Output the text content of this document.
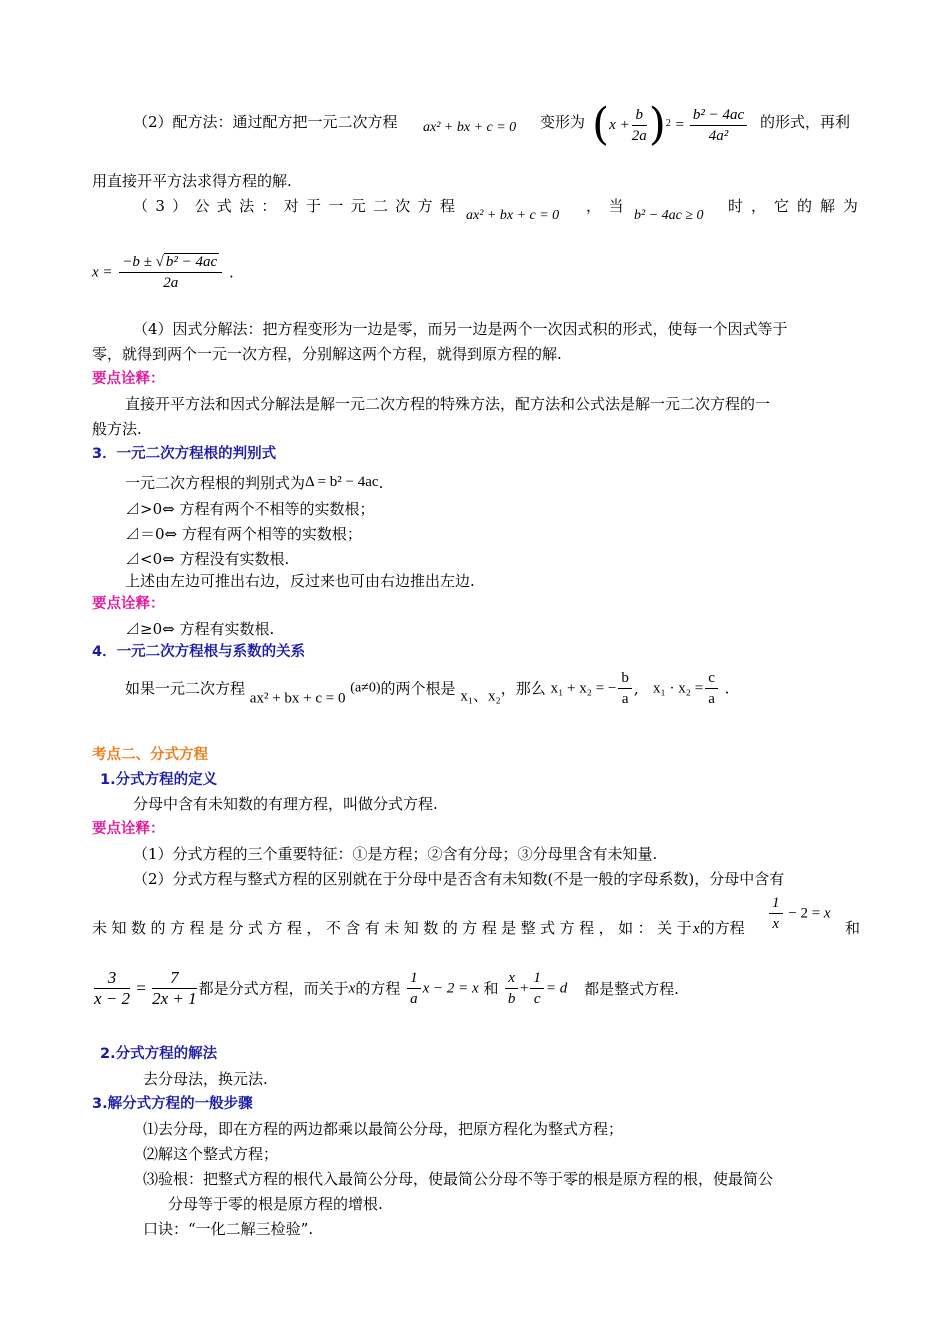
（2）配方法：通过配方把一元二次方程 ax² + bx + c = 0 变形为 $(x + \frac{b}{2a} )^2 = \frac{\text{b² − 4ac}}{\text{4a²}}$ 的形式，再利
用直接开平方法求得方程的解.
（ 3 ） 公 式 法 ： 对 于 一 元 二 次 方 程
ax² + bx + c = 0
，　当
b² − 4ac ≥ 0
时 ， 它 的 解 为
$x = \frac{\text{−b ± √ b² − 4ac}}{2a}$ .
（4）因式分解法：把方程变形为一边是零，而另一边是两个一次因式积的形式，使每一个因式等于
零，就得到两个一元一次方程，分别解这两个方程，就得到原方程的解.
要点诠释：
直接开平方法和因式分解法是解一元二次方程的特殊方法，配方法和公式法是解一元二次方程的一
般方法.
3．一元二次方程根的判别式
一元二次方程根的判别式为Δ = b² − 4ac.
⊿>0⇔ 方程有两个不相等的实数根；
⊿＝0⇔ 方程有两个相等的实数根；
⊿<0⇔ 方程没有实数根.
上述由左边可推出右边，反过来也可由右边推出左边.
要点诠释：
⊿≥0⇔ 方程有实数根.
4．一元二次方程根与系数的关系
如果一元二次方程 ax² + bx + c = 0 (a≠0)的两个根是 x₁、x₂，那么 x₁ + x₂ = − $\frac{b}{a}$ ,   $x_1 \cdot x_2 = \frac{c}{a}$ .
考点二、分式方程
1.分式方程的定义
分母中含有未知数的有理方程，叫做分式方程.
要点诠释：
（1）分式方程的三个重要特征：①是方程；②含有分母；③分母里含有未知量.
（2）分式方程与整式方程的区别就在于分母中是否含有未知数(不是一般的字母系数)，分母中含有
未 知 数 的 方 程 是 分 式 方 程 ， 不 含 有 未 知 数 的 方 程 是 整 式 方 程 ， 如 ： 关 于 x的方程 $\frac{1}{x} - 2 = x$
和
$\frac{3}{x - 2} = \frac{7}{2x + 1}$ 都是分式方程，而关于x的方程 $\frac{1}{a}$ x − 2 = x 和 $\frac{x}{b} + \frac{1}{c} = d$ 都是整式方程.
2.分式方程的解法
去分母法，换元法.
3.解分式方程的一般步骤
⑴去分母，即在方程的两边都乘以最简公分母，把原方程化为整式方程；
⑵解这个整式方程；
⑶验根：把整式方程的根代入最简公分母，使最简公分母不等于零的根是原方程的根，使最简公
分母等于零的根是原方程的增根.
口诀：“一化二解三检验”.
